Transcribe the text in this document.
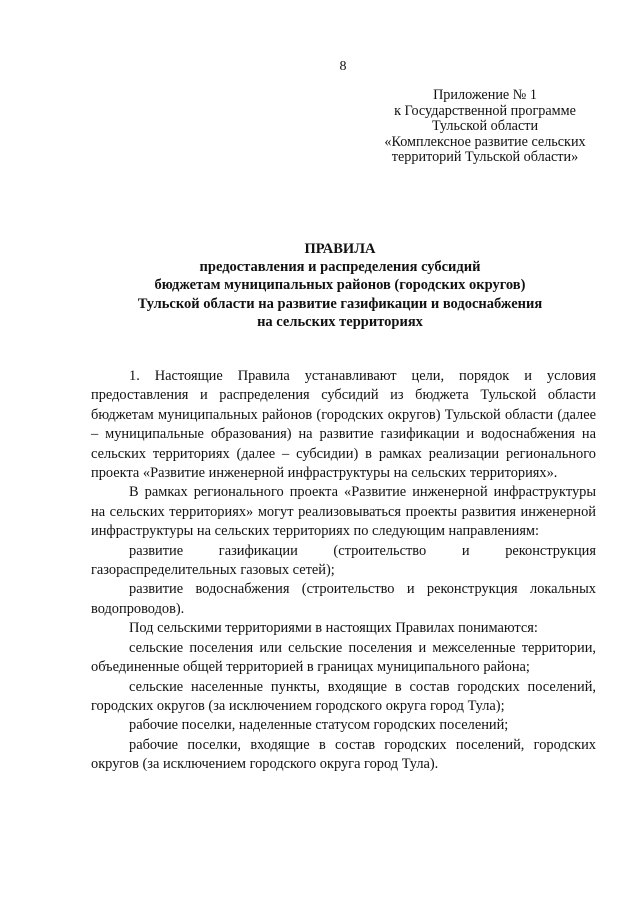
8
Приложение № 1
к Государственной программе
Тульской области
«Комплексное развитие сельских
территорий Тульской области»
ПРАВИЛА
предоставления и распределения субсидий
бюджетам муниципальных районов (городских округов)
Тульской области на развитие газификации и водоснабжения
на сельских территориях

1. Настоящие Правила устанавливают цели, порядок и условия предоставления и распределения субсидий из бюджета Тульской области бюджетам муниципальных районов (городских округов) Тульской области (далее – муниципальные образования) на развитие газификации и водоснабжения на сельских территориях (далее – субсидии) в рамках реализации регионального проекта «Развитие инженерной инфраструктуры на сельских территориях».

В рамках регионального проекта «Развитие инженерной инфраструктуры на сельских территориях» могут реализовываться проекты развития инженерной инфраструктуры на сельских территориях по следующим направлениям:

развитие газификации (строительство и реконструкция газораспределительных газовых сетей);

развитие водоснабжения (строительство и реконструкция локальных водопроводов).

Под сельскими территориями в настоящих Правилах понимаются:

сельские поселения или сельские поселения и межселенные территории, объединенные общей территорией в границах муниципального района;

сельские населенные пункты, входящие в состав городских поселений, городских округов (за исключением городского округа город Тула);

рабочие поселки, наделенные статусом городских поселений;

рабочие поселки, входящие в состав городских поселений, городских округов (за исключением городского округа город Тула).
